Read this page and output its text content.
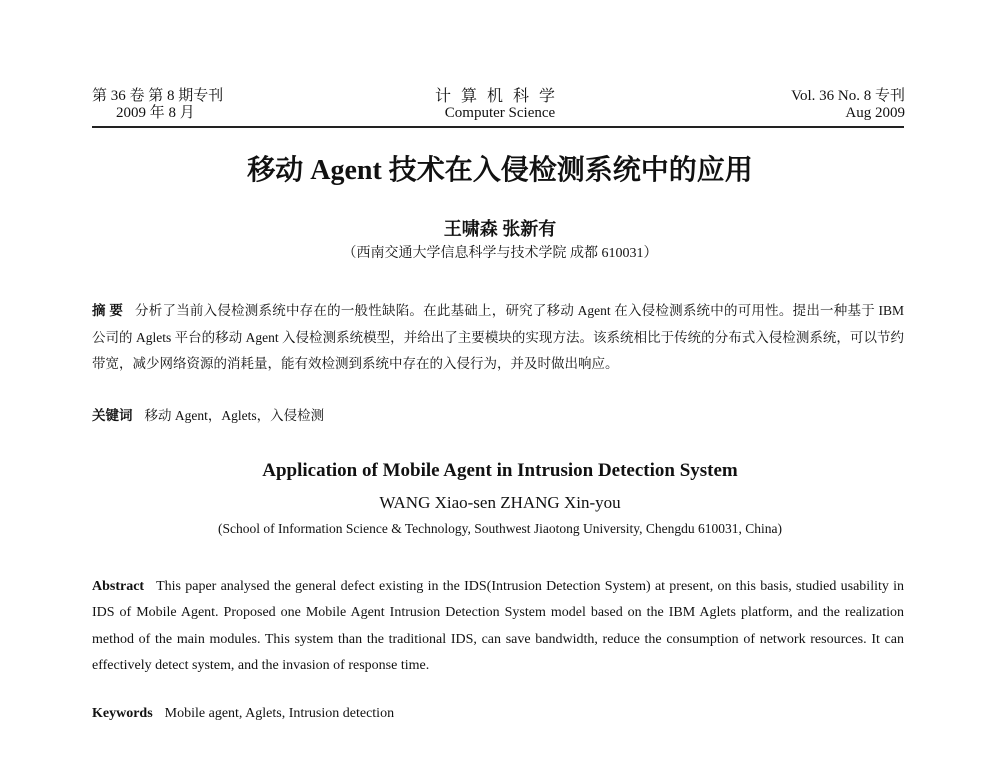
第 36 卷 第 8 期专刊
2009 年 8 月
计算机科学
Computer Science
Vol. 36 No. 8 专刊
Aug 2009
移动 Agent 技术在入侵检测系统中的应用
王啸森 张新有
（西南交通大学信息科学与技术学院 成都 610031）
摘 要 分析了当前入侵检测系统中存在的一般性缺陷。在此基础上，研究了移动 Agent 在入侵检测系统中的可用性。提出一种基于 IBM 公司的 Aglets 平台的移动 Agent 入侵检测系统模型，并给出了主要模块的实现方法。该系统相比于传统的分布式入侵检测系统，可以节约带宽，减少网络资源的消耗量，能有效检测到系统中存在的入侵行为，并及时做出响应。
关键词 移动 Agent，Aglets，入侵检测
Application of Mobile Agent in Intrusion Detection System
WANG Xiao-sen ZHANG Xin-you
(School of Information Science & Technology, Southwest Jiaotong University, Chengdu 610031, China)
Abstract This paper analysed the general defect existing in the IDS(Intrusion Detection System) at present, on this basis, studied usability in IDS of Mobile Agent. Proposed one Mobile Agent Intrusion Detection System model based on the IBM Aglets platform, and the realization method of the main modules. This system than the traditional IDS, can save bandwidth, reduce the consumption of network resources. It can effectively detect system, and the invasion of response time.
Keywords Mobile agent, Aglets, Intrusion detection
